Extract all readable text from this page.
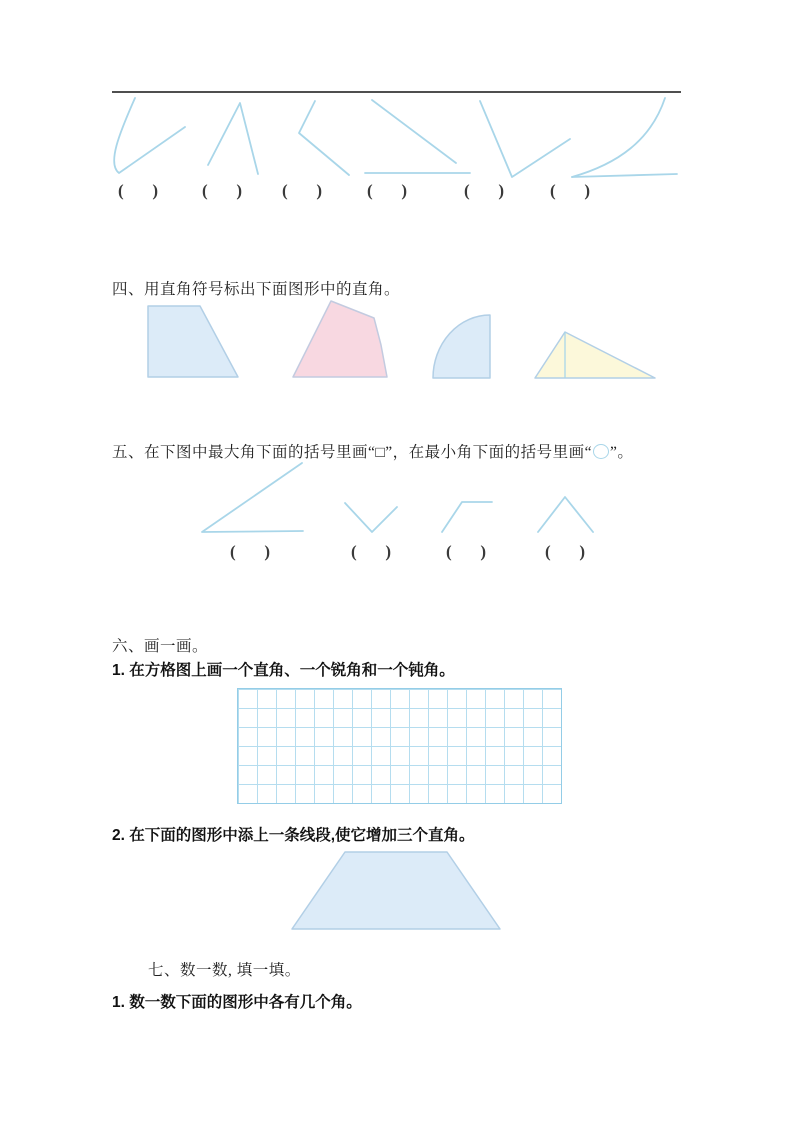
( )	( ) ( )	( )	( )	( )
四、用直角符号标出下面图形中的直角。
五、在下图中最大角下面的括号里画“□”，在最小角下面的括号里画“ ”。
( )	( )	( )	( )
六、画一画。
1. 在方格图上画一个直角、一个锐角和一个钝角。
2. 在下面的图形中添上一条线段,使它增加三个直角。
七、数一数, 填一填。
1. 数一数下面的图形中各有几个角。
